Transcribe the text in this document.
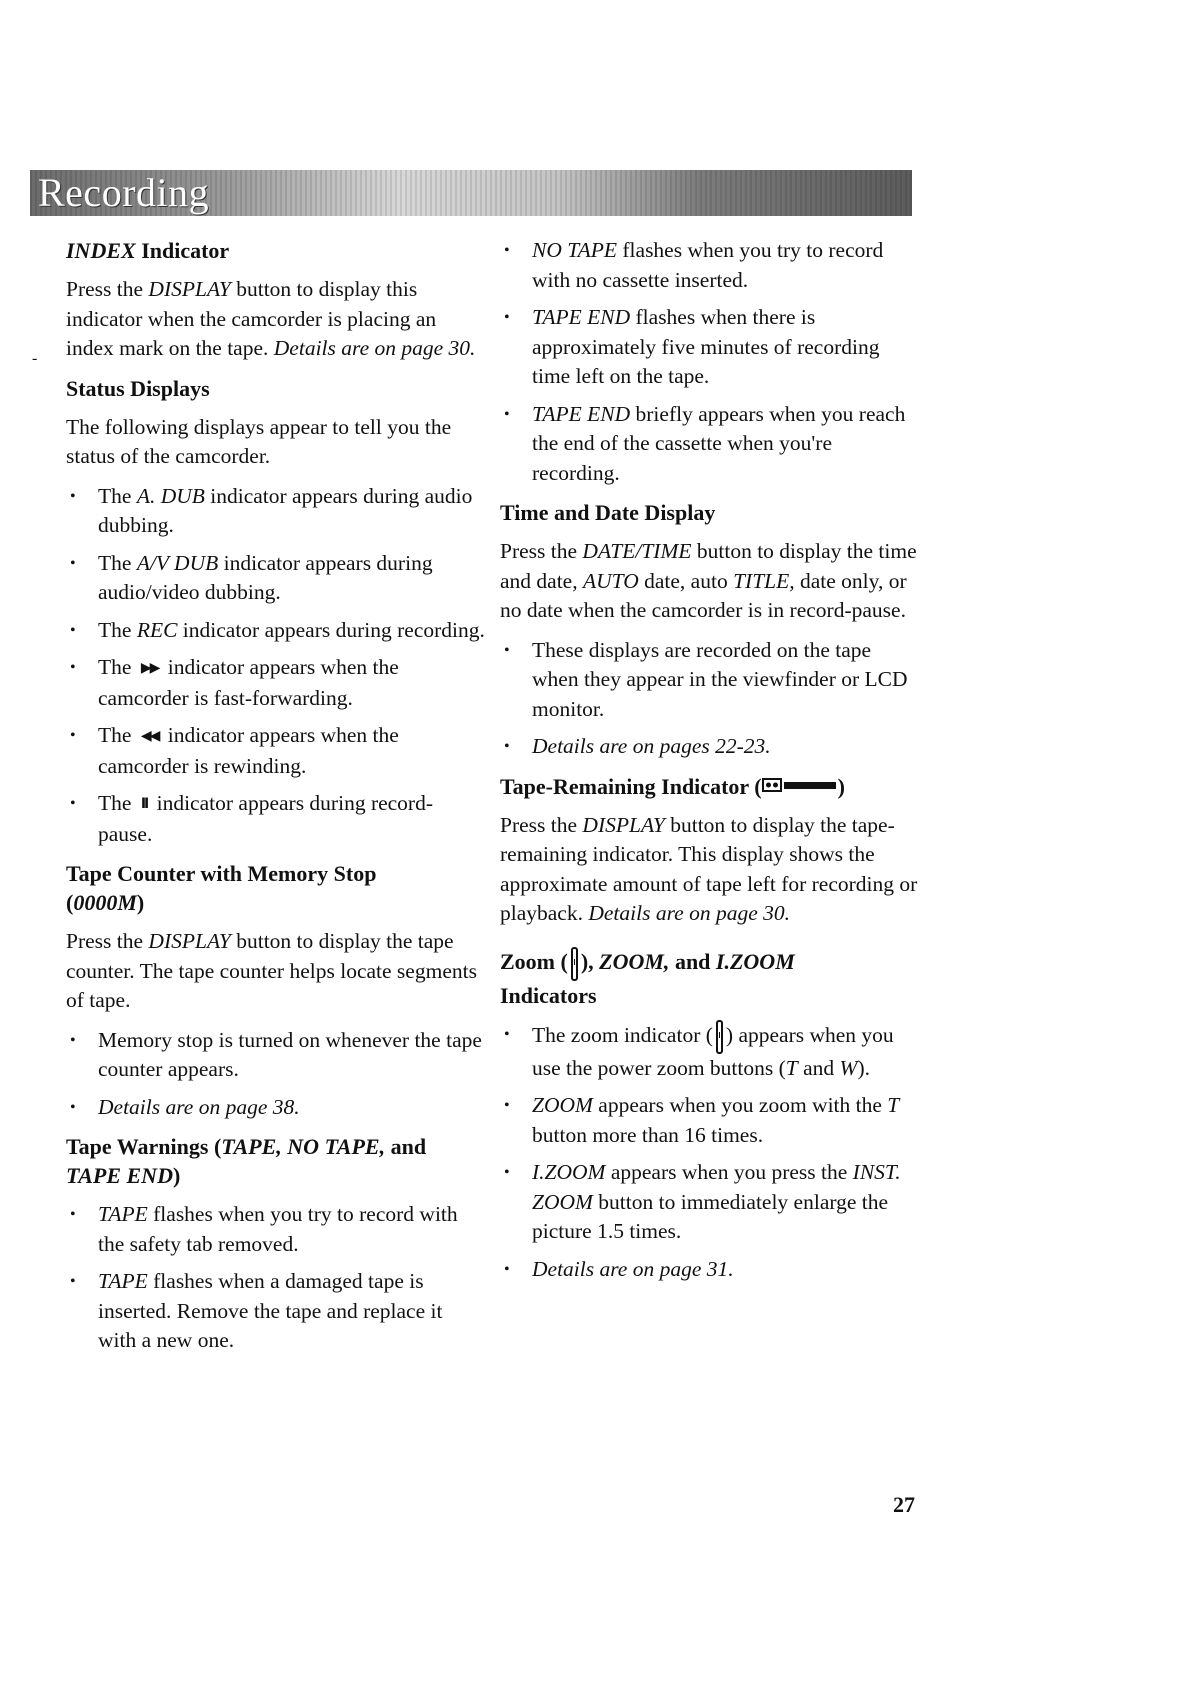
Recording
-
INDEX Indicator

Press the DISPLAY button to display this indicator when the camcorder is placing an index mark on the tape. Details are on page 30.

Status Displays

The following displays appear to tell you the status of the camcorder.

• The A. DUB indicator appears during audio dubbing.
• The A/V DUB indicator appears during audio/video dubbing.
• The REC indicator appears during recording.
• The ▶▶ indicator appears when the camcorder is fast-forwarding.
• The ◀◀ indicator appears when the camcorder is rewinding.
• The II indicator appears during record-pause.
Tape Counter with Memory Stop
(0000M)

Press the DISPLAY button to display the tape counter. The tape counter helps locate segments of tape.

• Memory stop is turned on whenever the tape counter appears.
• Details are on page 38.
Tape Warnings (TAPE, NO TAPE, and
TAPE END)
• TAPE flashes when you try to record with the safety tab removed.
• TAPE flashes when a damaged tape is inserted. Remove the tape and replace it with a new one.
• NO TAPE flashes when you try to record with no cassette inserted.
• TAPE END flashes when there is approximately five minutes of recording time left on the tape.
• TAPE END briefly appears when you reach the end of the cassette when you're recording.
Time and Date Display

Press the DATE/TIME button to display the time and date, AUTO date, auto TITLE, date only, or no date when the camcorder is in record-pause.

• These displays are recorded on the tape when they appear in the viewfinder or LCD monitor.
• Details are on pages 22-23.
Tape-Remaining Indicator (	)

Press the DISPLAY button to display the tape-remaining indicator. This display shows the approximate amount of tape left for recording or playback. Details are on page 30.

Zoom ( ), ZOOM, and I.ZOOM
Indicators
• The zoom indicator ( ) appears when you use the power zoom buttons (T and W).
• ZOOM appears when you zoom with the T button more than 16 times.
• I.ZOOM appears when you press the INST. ZOOM button to immediately enlarge the picture 1.5 times.
• Details are on page 31.
27
